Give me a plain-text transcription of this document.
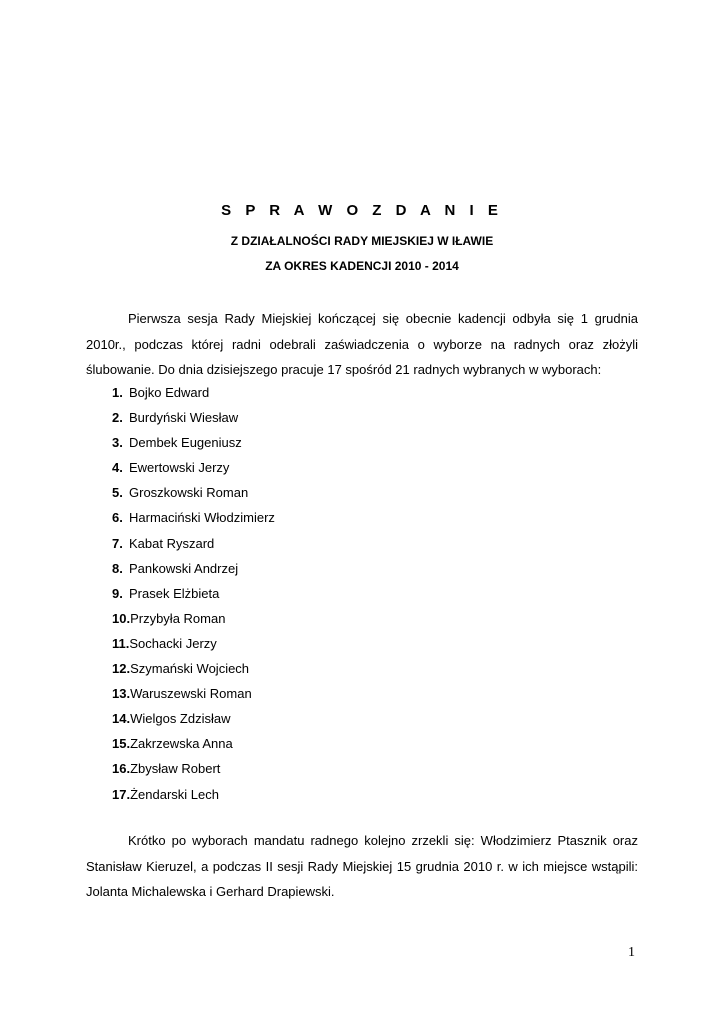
S P R A W O Z D A N I E
Z DZIAŁALNOŚCI RADY MIEJSKIEJ W IŁAWIE
ZA OKRES KADENCJI 2010 - 2014

Pierwsza sesja Rady Miejskiej kończącej się obecnie kadencji odbyła się 1 grudnia 2010r., podczas której radni odebrali zaświadczenia o wyborze na radnych oraz złożyli ślubowanie. Do dnia dzisiejszego pracuje 17 spośród 21 radnych wybranych w wyborach:

1. Bojko Edward
2. Burdyński Wiesław
3. Dembek Eugeniusz
4. Ewertowski Jerzy
5. Groszkowski Roman
6. Harmaciński Włodzimierz
7. Kabat Ryszard
8. Pankowski Andrzej
9. Prasek Elżbieta
10.Przybyła Roman
11.Sochacki Jerzy
12.Szymański Wojciech
13.Waruszewski Roman
14.Wielgos Zdzisław
15.Zakrzewska Anna
16.Zbysław Robert
17.Żendarski Lech

Krótko po wyborach mandatu radnego kolejno zrzekli się: Włodzimierz Ptasznik oraz Stanisław Kieruzel, a podczas II sesji Rady Miejskiej 15 grudnia 2010 r. w ich miejsce wstąpili: Jolanta Michalewska i Gerhard Drapiewski.

1
